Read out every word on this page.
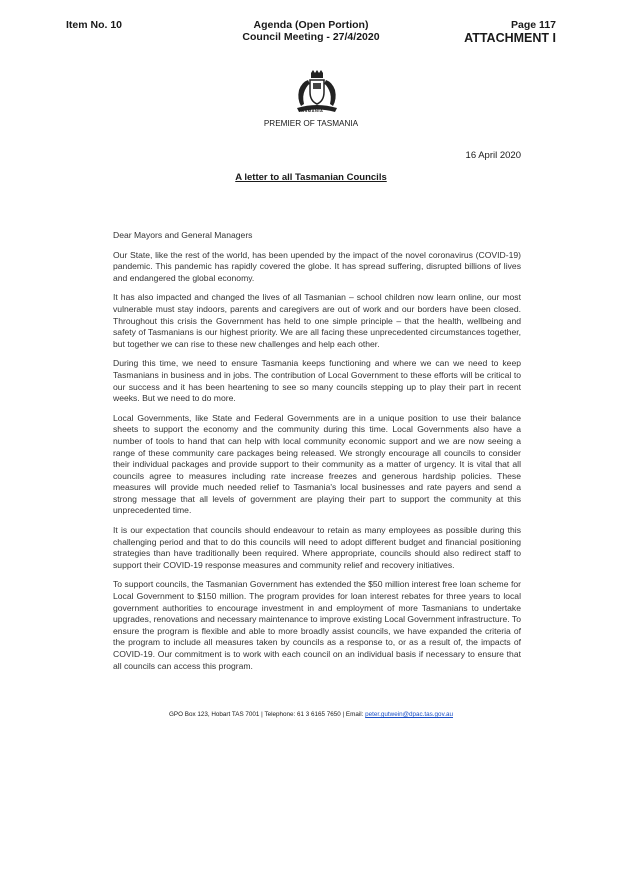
Item No. 10	Agenda (Open Portion)
Council Meeting - 27/4/2020
Page 117
ATTACHMENT I
TASMANIA
PREMIER OF TASMANIA
16 April 2020
A letter to all Tasmanian Councils

Dear Mayors and General Managers

Our State, like the rest of the world, has been upended by the impact of the novel coronavirus (COVID-19) pandemic. This pandemic has rapidly covered the globe. It has spread suffering, disrupted billions of lives and endangered the global economy.

It has also impacted and changed the lives of all Tasmanian – school children now learn online, our most vulnerable must stay indoors, parents and caregivers are out of work and our borders have been closed. Throughout this crisis the Government has held to one simple principle – that the health, wellbeing and safety of Tasmanians is our highest priority. We are all facing these unprecedented circumstances together, but together we can rise to these new challenges and help each other.

During this time, we need to ensure Tasmania keeps functioning and where we can we need to keep Tasmanians in business and in jobs. The contribution of Local Government to these efforts will be critical to our success and it has been heartening to see so many councils stepping up to play their part in recent weeks. But we need to do more.

Local Governments, like State and Federal Governments are in a unique position to use their balance sheets to support the economy and the community during this time. Local Governments also have a number of tools to hand that can help with local community economic support and we are now seeing a range of these community care packages being released. We strongly encourage all councils to consider their individual packages and provide support to their community as a matter of urgency. It is vital that all councils agree to measures including rate increase freezes and generous hardship policies. These measures will provide much needed relief to Tasmania's local businesses and rate payers and send a strong message that all levels of government are playing their part to support the community at this unprecedented time.

It is our expectation that councils should endeavour to retain as many employees as possible during this challenging period and that to do this councils will need to adopt different budget and financial positioning strategies than have traditionally been required. Where appropriate, councils should also redirect staff to support their COVID-19 response measures and community relief and recovery initiatives.

To support councils, the Tasmanian Government has extended the $50 million interest free loan scheme for Local Government to $150 million. The program provides for loan interest rebates for three years to local government authorities to encourage investment in and employment of more Tasmanians to undertake upgrades, renovations and necessary maintenance to improve existing Local Government infrastructure. To ensure the program is flexible and able to more broadly assist councils, we have expanded the criteria of the program to include all measures taken by councils as a response to, or as a result of, the impacts of COVID-19. Our commitment is to work with each council on an individual basis if necessary to ensure that all councils can access this program.

GPO Box 123, Hobart TAS 7001 | Telephone: 61 3 6165 7650 | Email: peter.gutwein@dpac.tas.gov.au
